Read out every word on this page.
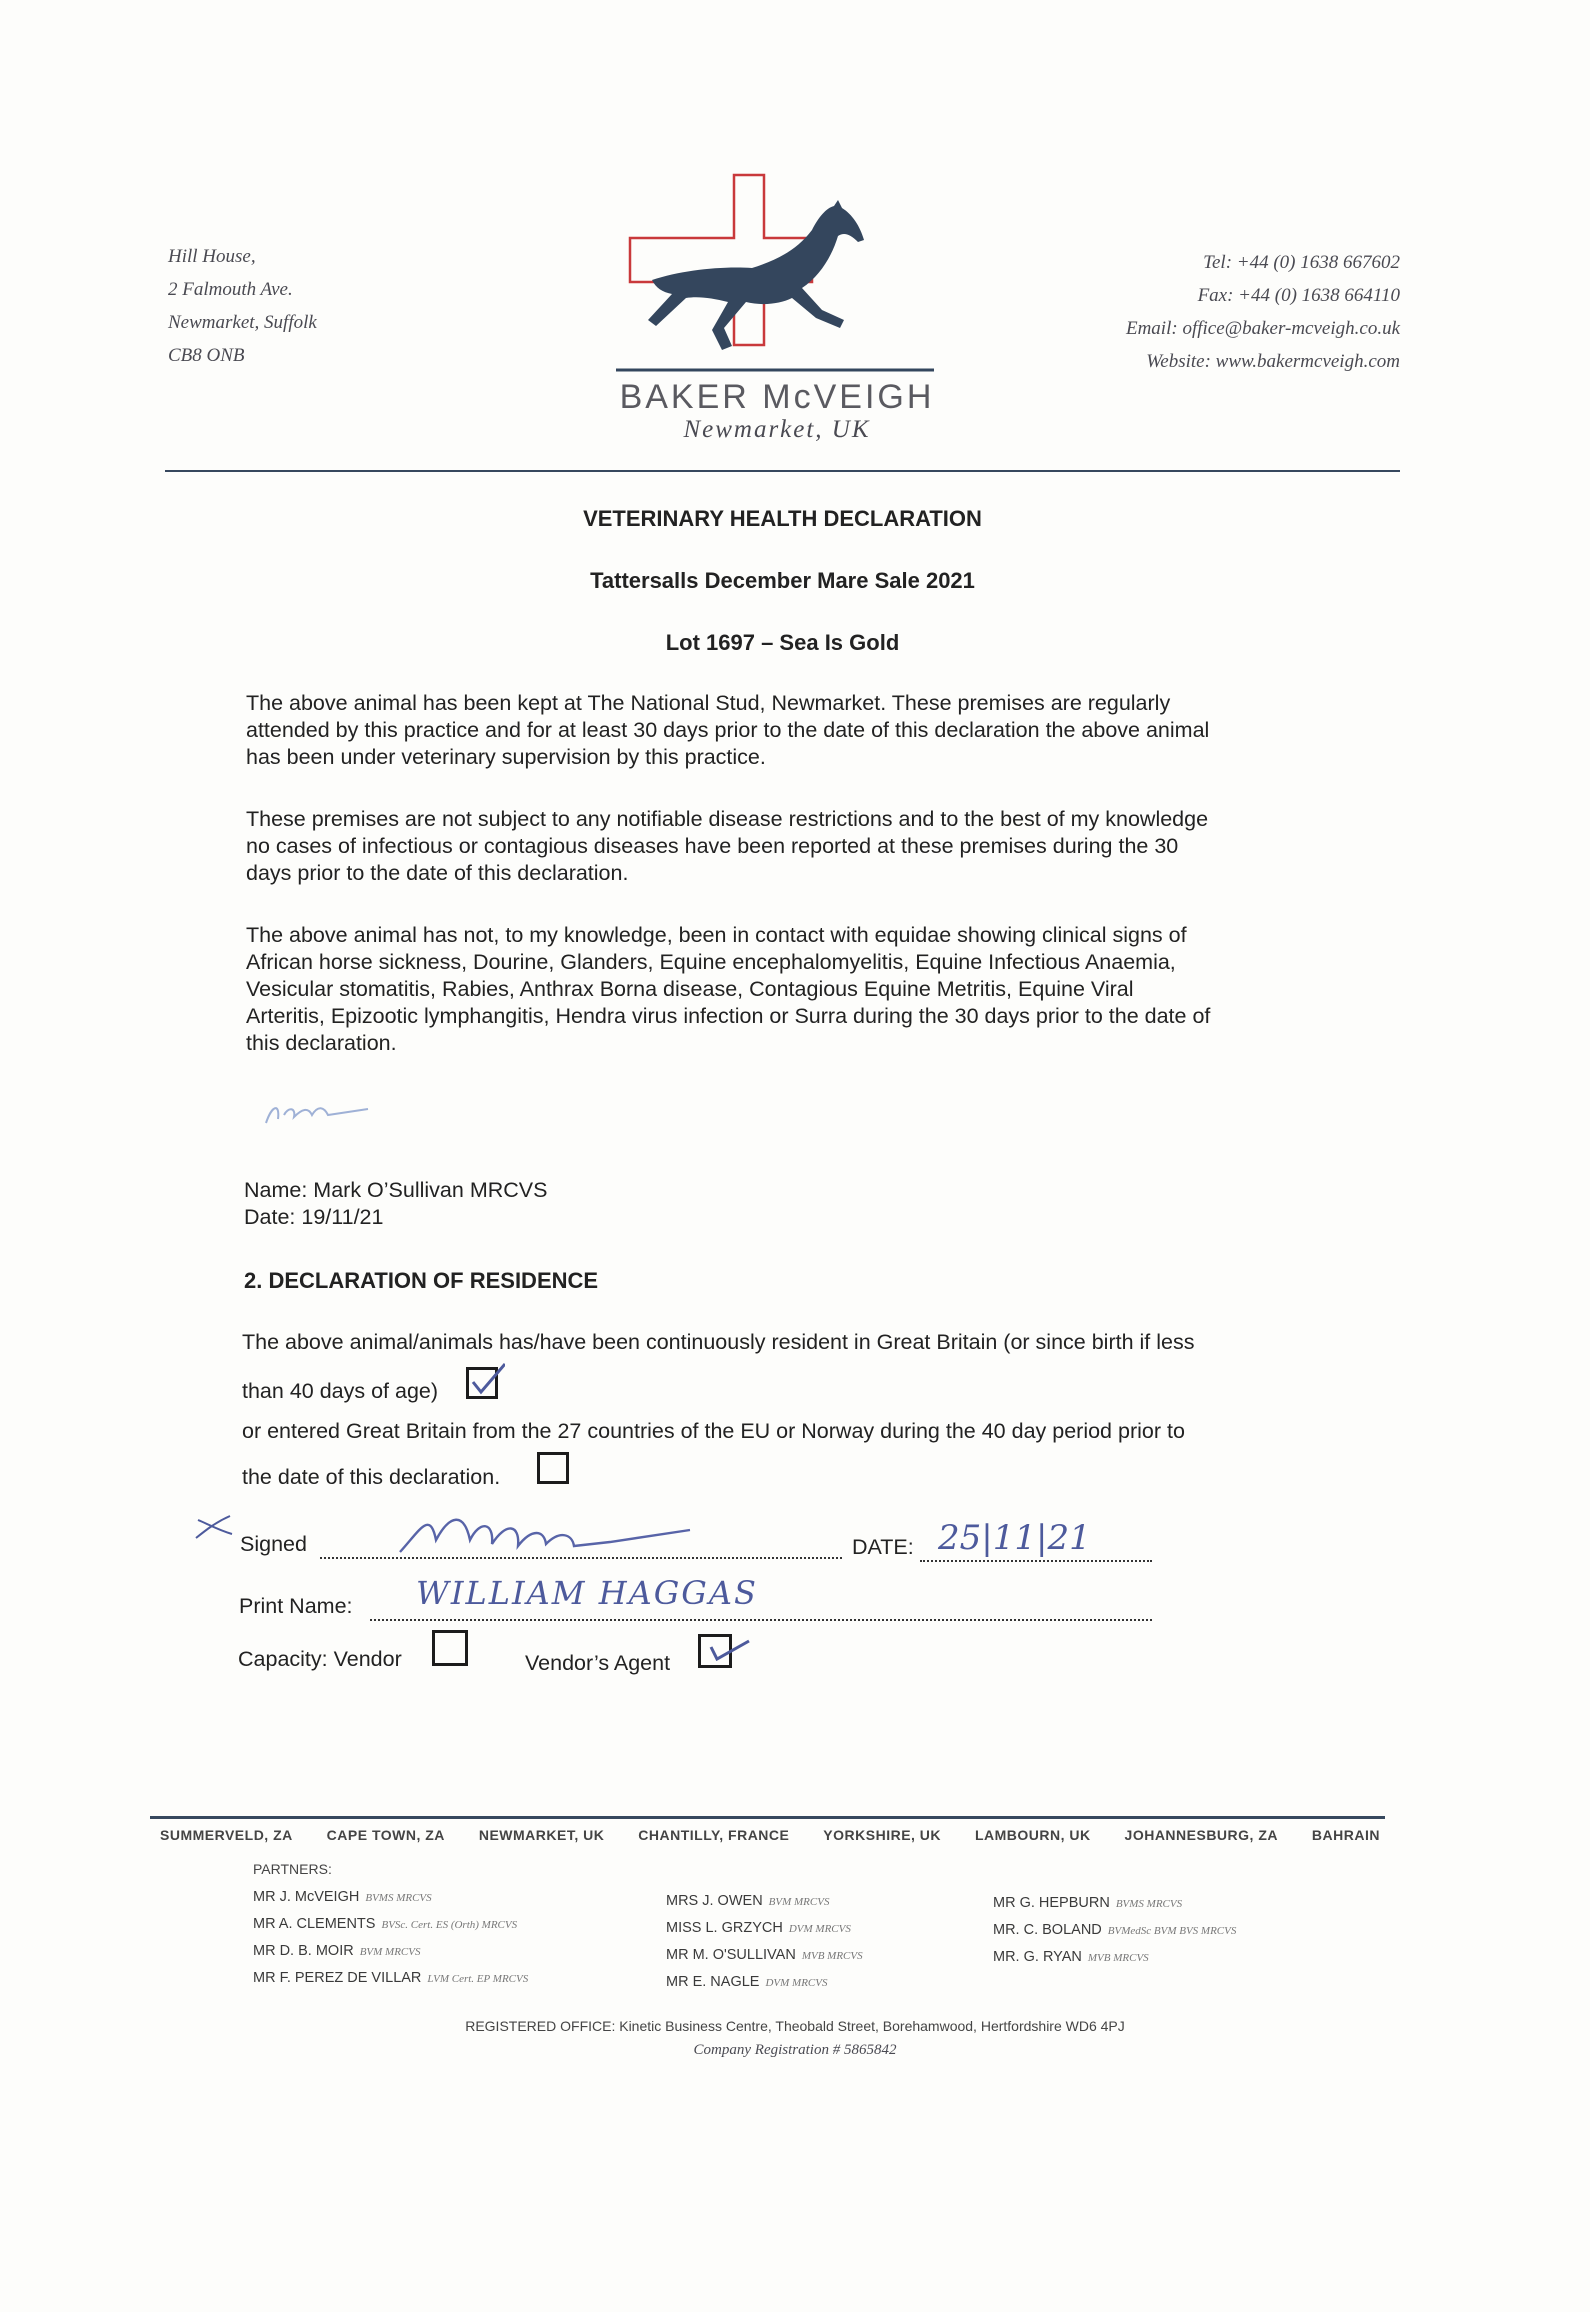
Hill House,
2 Falmouth Ave.
Newmarket, Suffolk
CB8 ONB
BAKER McVEIGH
Newmarket, UK
Tel: +44 (0) 1638 667602
Fax: +44 (0) 1638 664110
Email: office@baker-mcveigh.co.uk
Website: www.bakermcveigh.com
VETERINARY HEALTH DECLARATION
Tattersalls December Mare Sale 2021
Lot 1697 – Sea Is Gold
The above animal has been kept at The National Stud, Newmarket. These premises are regularly
attended by this practice and for at least 30 days prior to the date of this declaration the above animal
has been under veterinary supervision by this practice.
These premises are not subject to any notifiable disease restrictions and to the best of my knowledge
no cases of infectious or contagious diseases have been reported at these premises during the 30
days prior to the date of this declaration.
The above animal has not, to my knowledge, been in contact with equidae showing clinical signs of
African horse sickness, Dourine, Glanders, Equine encephalomyelitis, Equine Infectious Anaemia,
Vesicular stomatitis, Rabies, Anthrax Borna disease, Contagious Equine Metritis, Equine Viral
Arteritis, Epizootic lymphangitis, Hendra virus infection or Surra during the 30 days prior to the date of
this declaration.
Name: Mark O’Sullivan MRCVS
Date: 19/11/21
2. DECLARATION OF RESIDENCE
The above animal/animals has/have been continuously resident in Great Britain (or since birth if less
than 40 days of age)
or entered Great Britain from the 27 countries of the EU or Norway during the 40 day period prior to
the date of this declaration.
Signed	DATE: 25|11|21
Print Name: WILLIAM HAGGAS
Capacity: Vendor	Vendor’s Agent
SUMMERVELD, ZA CAPE TOWN, ZA NEWMARKET, UK CHANTILLY, FRANCE YORKSHIRE, UK LAMBOURN, UK JOHANNESBURG, ZA BAHRAIN
PARTNERS:
MR J. McVEIGH BVMS MRCVS
MR A. CLEMENTS BVSc. Cert. ES (Orth) MRCVS
MR D. B. MOIR BVM MRCVS
MR F. PEREZ DE VILLAR LVM Cert. EP MRCVS
MRS J. OWEN BVM MRCVS
MISS L. GRZYCH DVM MRCVS
MR M. O'SULLIVAN MVB MRCVS
MR E. NAGLE DVM MRCVS
MR G. HEPBURN BVMS MRCVS
MR. C. BOLAND BVMedSc BVM BVS MRCVS
MR. G. RYAN MVB MRCVS
REGISTERED OFFICE: Kinetic Business Centre, Theobald Street, Borehamwood, Hertfordshire WD6 4PJ
Company Registration # 5865842
